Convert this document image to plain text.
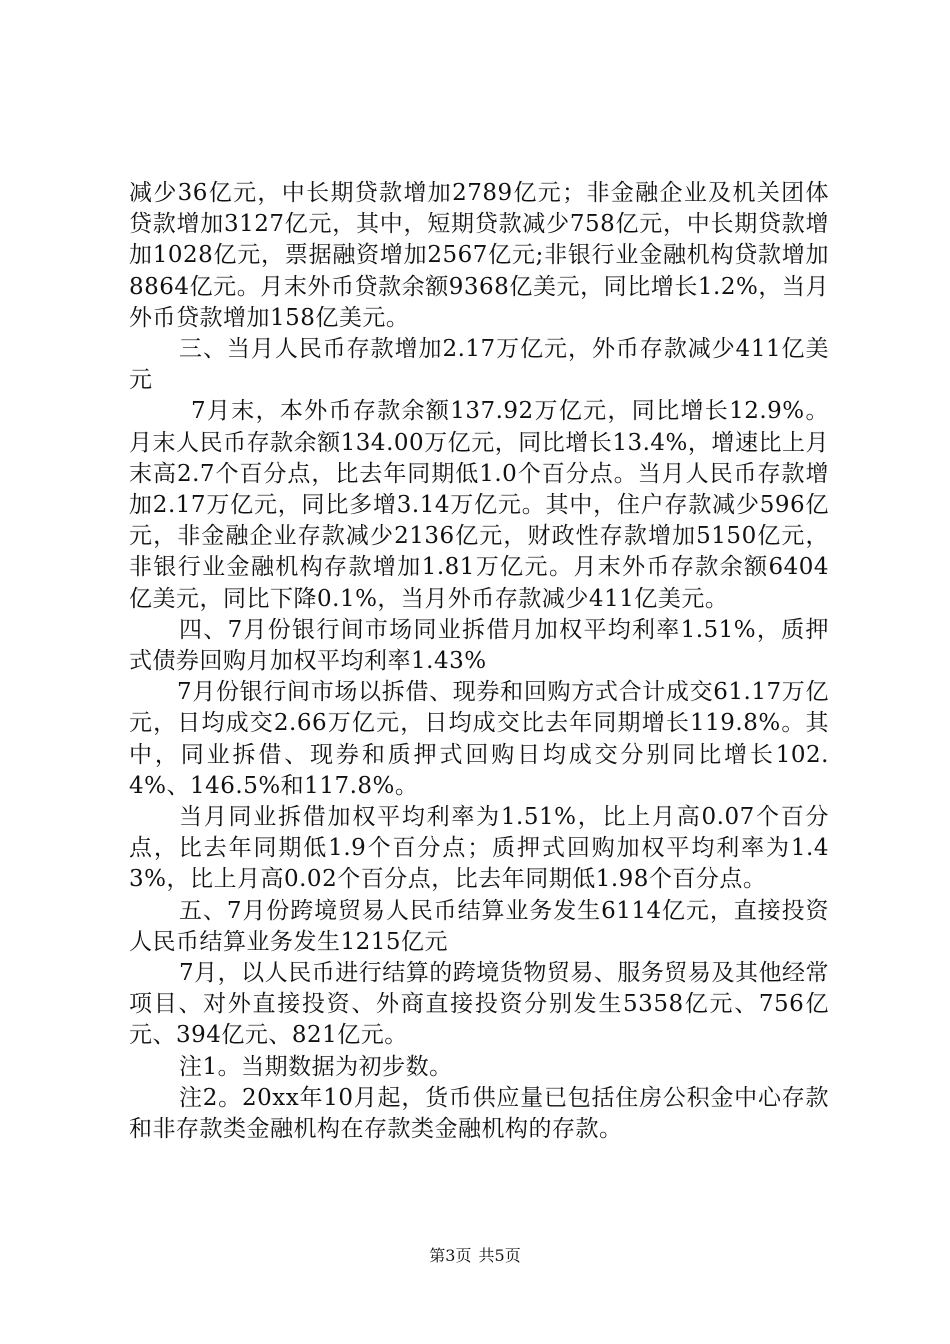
减少36亿元，中长期贷款增加2789亿元；非金融企业及机关团体贷款增加3127亿元，其中，短期贷款减少758亿元，中长期贷款增加1028亿元，票据融资增加2567亿元;非银行业金融机构贷款增加8864亿元。月末外币贷款余额9368亿美元，同比增长1.2%，当月外币贷款增加158亿美元。

三、当月人民币存款增加2.17万亿元，外币存款减少411亿美元

7月末，本外币存款余额137.92万亿元，同比增长12.9%。月末人民币存款余额134.00万亿元，同比增长13.4%，增速比上月末高2.7个百分点，比去年同期低1.0个百分点。当月人民币存款增加2.17万亿元，同比多增3.14万亿元。其中，住户存款减少596亿元，非金融企业存款减少2136亿元，财政性存款增加5150亿元，非银行业金融机构存款增加1.81万亿元。月末外币存款余额6404亿美元，同比下降0.1%，当月外币存款减少411亿美元。

四、7月份银行间市场同业拆借月加权平均利率1.51%，质押式债券回购月加权平均利率1.43%

7月份银行间市场以拆借、现券和回购方式合计成交61.17万亿元，日均成交2.66万亿元，日均成交比去年同期增长119.8%。其中，同业拆借、现券和质押式回购日均成交分别同比增长102.4%、146.5%和117.8%。

当月同业拆借加权平均利率为1.51%，比上月高0.07个百分点，比去年同期低1.9个百分点；质押式回购加权平均利率为1.43%，比上月高0.02个百分点，比去年同期低1.98个百分点。

五、7月份跨境贸易人民币结算业务发生6114亿元，直接投资人民币结算业务发生1215亿元

7月，以人民币进行结算的跨境货物贸易、服务贸易及其他经常项目、对外直接投资、外商直接投资分别发生5358亿元、756亿元、394亿元、821亿元。

注1。当期数据为初步数。

注2。20xx年10月起，货币供应量已包括住房公积金中心存款和非存款类金融机构在存款类金融机构的存款。

第3页 共5页
